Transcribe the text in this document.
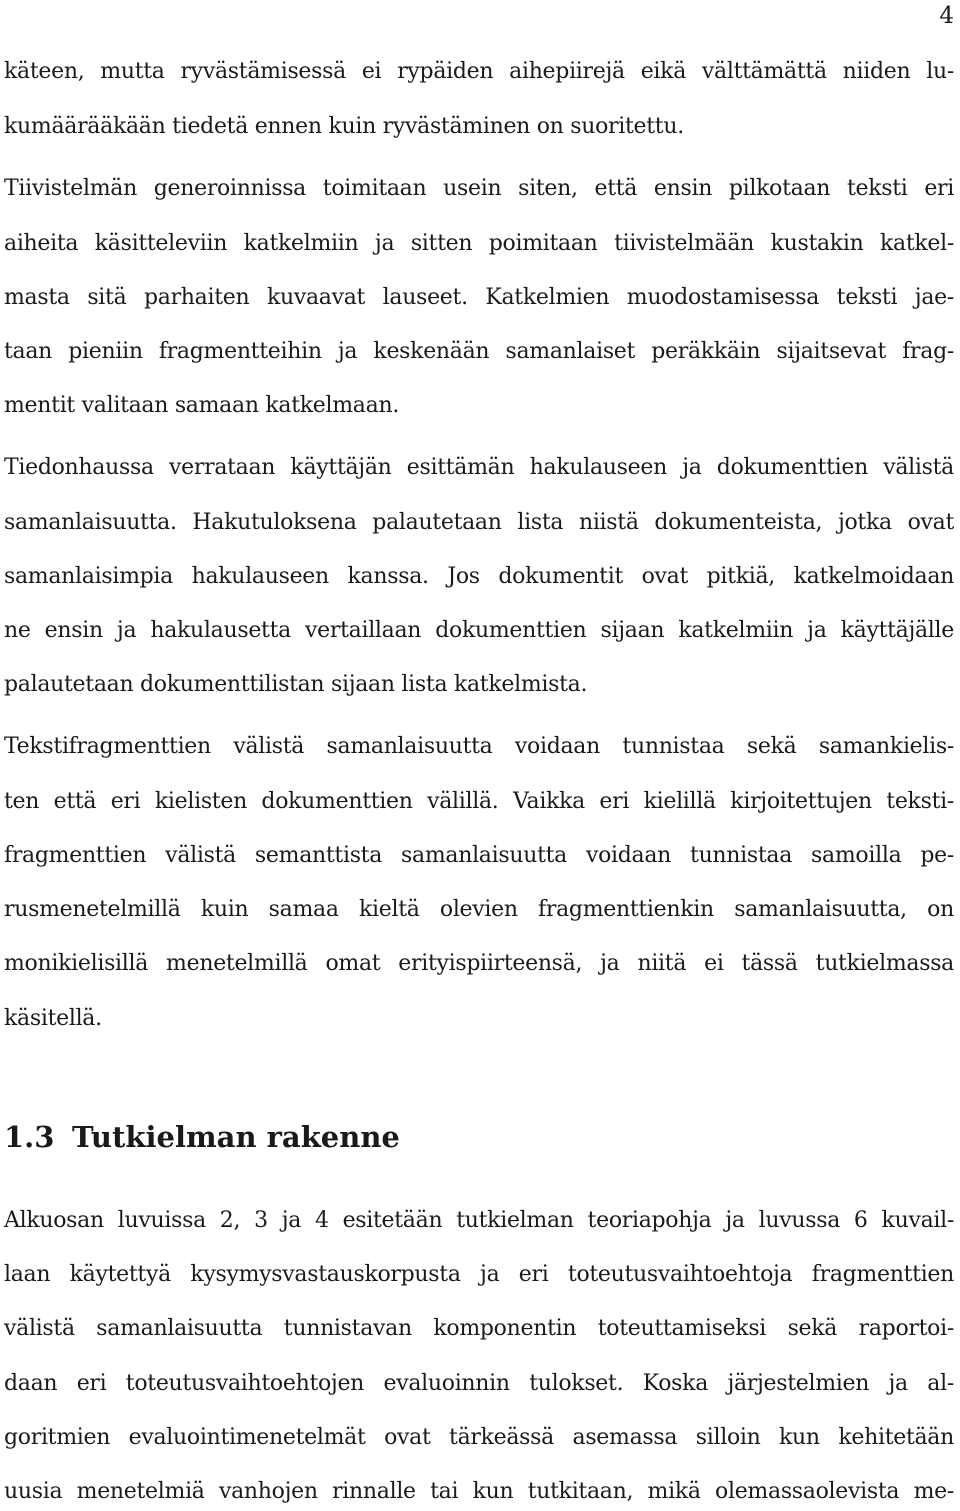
4
käteen, mutta ryvästämisessä ei rypäiden aihepiirejä eikä välttämättä niiden lu-
kumäärääkään tiedetä ennen kuin ryvästäminen on suoritettu.
Tiivistelmän generoinnissa toimitaan usein siten, että ensin pilkotaan teksti eri
aiheita käsitteleviin katkelmiin ja sitten poimitaan tiivistelmään kustakin katkel-
masta sitä parhaiten kuvaavat lauseet. Katkelmien muodostamisessa teksti jae-
taan pieniin fragmentteihin ja keskenään samanlaiset peräkkäin sijaitsevat frag-
mentit valitaan samaan katkelmaan.
Tiedonhaussa verrataan käyttäjän esittämän hakulauseen ja dokumenttien välistä
samanlaisuutta. Hakutuloksena palautetaan lista niistä dokumenteista, jotka ovat
samanlaisimpia hakulauseen kanssa. Jos dokumentit ovat pitkiä, katkelmoidaan
ne ensin ja hakulausetta vertaillaan dokumenttien sijaan katkelmiin ja käyttäjälle
palautetaan dokumenttilistan sijaan lista katkelmista.
Tekstifragmenttien välistä samanlaisuutta voidaan tunnistaa sekä samankielis-
ten että eri kielisten dokumenttien välillä. Vaikka eri kielillä kirjoitettujen teksti-
fragmenttien välistä semanttista samanlaisuutta voidaan tunnistaa samoilla pe-
rusmenetelmillä kuin samaa kieltä olevien fragmenttienkin samanlaisuutta, on
monikielisillä menetelmillä omat erityispiirteensä, ja niitä ei tässä tutkielmassa
käsitellä.
1.3 Tutkielman rakenne
Alkuosan luvuissa 2, 3 ja 4 esitetään tutkielman teoriapohja ja luvussa 6 kuvail-
laan käytettyä kysymysvastauskorpusta ja eri toteutusvaihtoehtoja fragmenttien
välistä samanlaisuutta tunnistavan komponentin toteuttamiseksi sekä raportoi-
daan eri toteutusvaihtoehtojen evaluoinnin tulokset. Koska järjestelmien ja al-
goritmien evaluointimenetelmät ovat tärkeässä asemassa silloin kun kehitetään
uusia menetelmiä vanhojen rinnalle tai kun tutkitaan, mikä olemassaolevista me-
